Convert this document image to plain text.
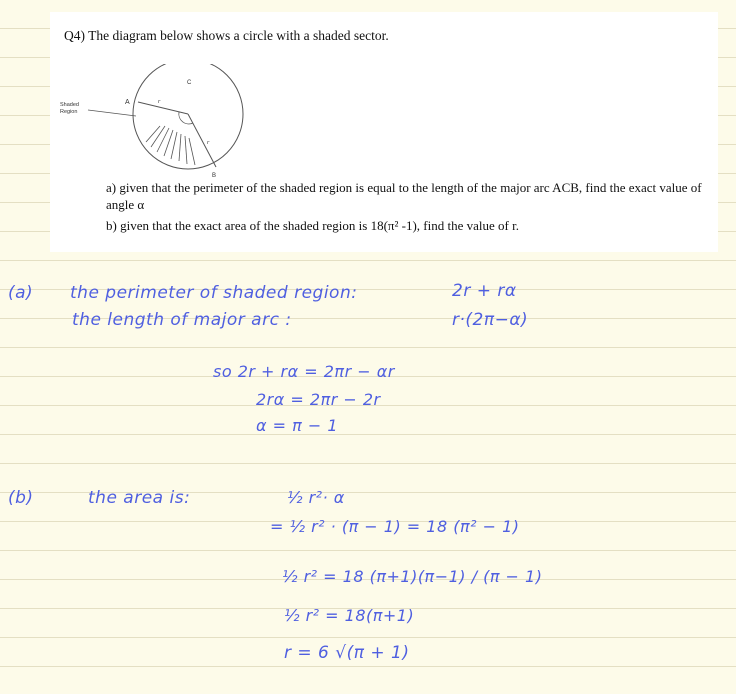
Q4) The diagram below shows a circle with a shaded sector.
Shaded
Region
A
B
C
r
r
a) given that the perimeter of the shaded region is equal to the length of the major arc ACB, find the exact value of angle α
b) given that the exact area of the shaded region is 18(π² -1), find the value of r.
(a) the perimeter of shaded region:	2r + rα
the length of major arc :	r·(2π−α)
so 2r + rα = 2πr − αr
2rα = 2πr − 2r
α = π − 1
(b)	the area is:	½ r²· α
= ½ r² · (π − 1) = 18 (π² − 1)
½ r² = 18 (π+1)(π−1) / (π − 1)
½ r² = 18(π+1)
r = 6 √(π + 1)
